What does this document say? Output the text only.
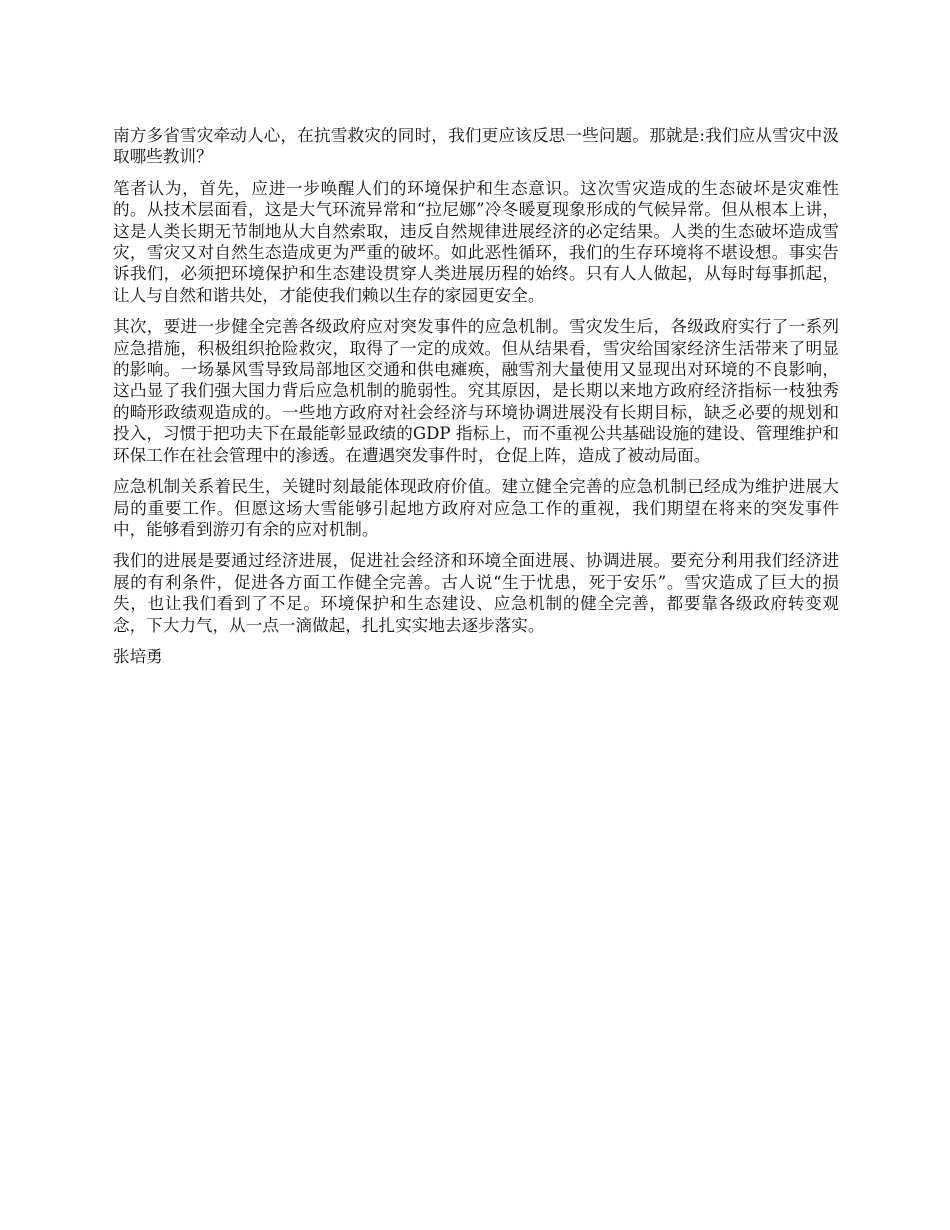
南方多省雪灾牵动人心，在抗雪救灾的同时，我们更应该反思一些问题。那就是:我们应从雪灾中汲取哪些教训？

笔者认为，首先，应进一步唤醒人们的环境保护和生态意识。这次雪灾造成的生态破坏是灾难性的。从技术层面看，这是大气环流异常和“拉尼娜”冷冬暖夏现象形成的气候异常。但从根本上讲，这是人类长期无节制地从大自然索取，违反自然规律进展经济的必定结果。人类的生态破坏造成雪灾，雪灾又对自然生态造成更为严重的破坏。如此恶性循环，我们的生存环境将不堪设想。事实告诉我们，必须把环境保护和生态建设贯穿人类进展历程的始终。只有人人做起，从每时每事抓起，让人与自然和谐共处，才能使我们赖以生存的家园更安全。

其次，要进一步健全完善各级政府应对突发事件的应急机制。雪灾发生后，各级政府实行了一系列应急措施，积极组织抢险救灾，取得了一定的成效。但从结果看，雪灾给国家经济生活带来了明显的影响。一场暴风雪导致局部地区交通和供电瘫痪，融雪剂大量使用又显现出对环境的不良影响，这凸显了我们强大国力背后应急机制的脆弱性。究其原因，是长期以来地方政府经济指标一枝独秀的畸形政绩观造成的。一些地方政府对社会经济与环境协调进展没有长期目标，缺乏必要的规划和投入，习惯于把功夫下在最能彰显政绩的GDP 指标上，而不重视公共基础设施的建设、管理维护和环保工作在社会管理中的渗透。在遭遇突发事件时，仓促上阵，造成了被动局面。

应急机制关系着民生，关键时刻最能体现政府价值。建立健全完善的应急机制已经成为维护进展大局的重要工作。但愿这场大雪能够引起地方政府对应急工作的重视，我们期望在将来的突发事件中，能够看到游刃有余的应对机制。

我们的进展是要通过经济进展，促进社会经济和环境全面进展、协调进展。要充分利用我们经济进展的有利条件，促进各方面工作健全完善。古人说“生于忧患，死于安乐”。雪灾造成了巨大的损失，也让我们看到了不足。环境保护和生态建设、应急机制的健全完善，都要靠各级政府转变观念，下大力气，从一点一滴做起，扎扎实实地去逐步落实。

张培勇
